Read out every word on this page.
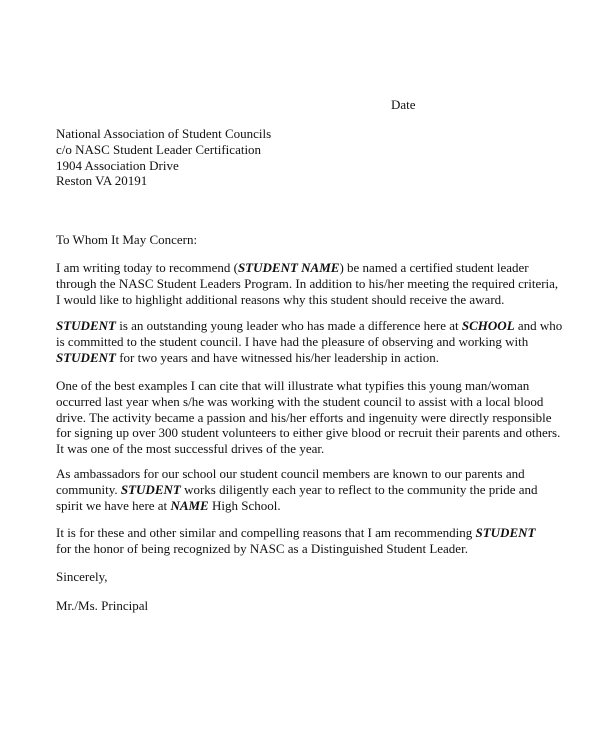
Date
National Association of Student Councils
c/o NASC Student Leader Certification
1904 Association Drive
Reston VA 20191
To Whom It May Concern:
I am writing today to recommend (STUDENT NAME) be named a certified student leader
through the NASC Student Leaders Program. In addition to his/her meeting the required criteria,
I would like to highlight additional reasons why this student should receive the award.
STUDENT is an outstanding young leader who has made a difference here at SCHOOL and who
is committed to the student council. I have had the pleasure of observing and working with
STUDENT for two years and have witnessed his/her leadership in action.
One of the best examples I can cite that will illustrate what typifies this young man/woman
occurred last year when s/he was working with the student council to assist with a local blood
drive. The activity became a passion and his/her efforts and ingenuity were directly responsible
for signing up over 300 student volunteers to either give blood or recruit their parents and others.
It was one of the most successful drives of the year.
As ambassadors for our school our student council members are known to our parents and
community. STUDENT works diligently each year to reflect to the community the pride and
spirit we have here at NAME High School.
It is for these and other similar and compelling reasons that I am recommending STUDENT
for the honor of being recognized by NASC as a Distinguished Student Leader.
Sincerely,
Mr./Ms. Principal
